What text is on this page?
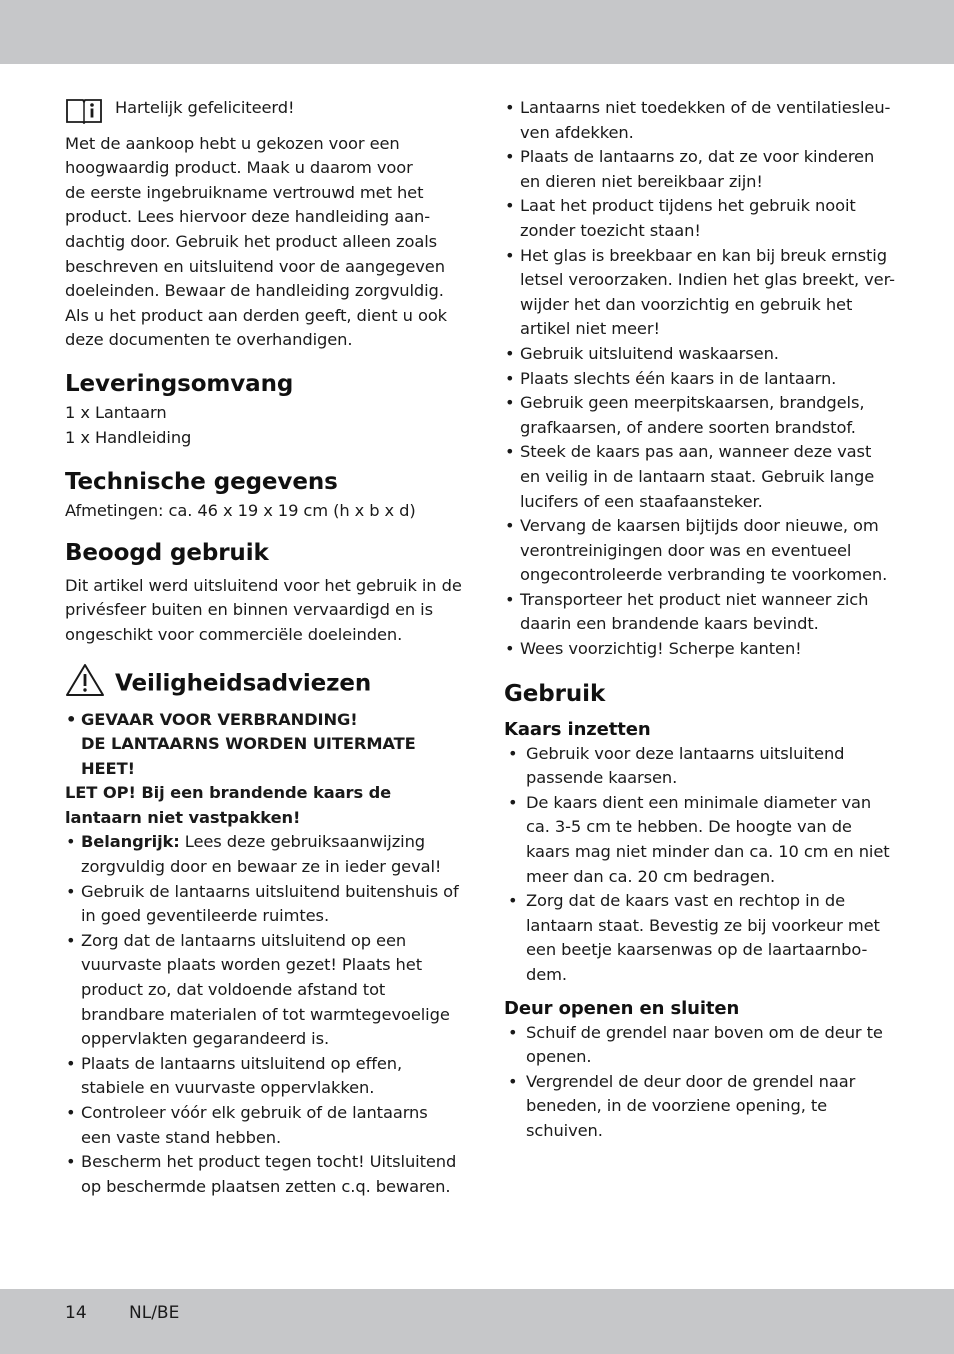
Hartelijk gefeliciteerd!

Met de aankoop hebt u gekozen voor een
hoogwaardig product. Maak u daarom voor
de eerste ingebruikname vertrouwd met het
product. Lees hiervoor deze handleiding aan-
dachtig door. Gebruik het product alleen zoals
beschreven en uitsluitend voor de aangegeven
doeleinden. Bewaar de handleiding zorgvuldig.
Als u het product aan derden geeft, dient u ook
deze documenten te overhandigen.
Leveringsomvang
1 x Lantaarn
1 x Handleiding
Technische gegevens

Afmetingen: ca. 46 x 19 x 19 cm (h x b x d)

Beoogd gebruik
Dit artikel werd uitsluitend voor het gebruik in de
privésfeer buiten en binnen vervaardigd en is
ongeschikt voor commerciële doeleinden.
Veiligheidsadviezen
• GEVAAR VOOR VERBRANDING!
DE LANTAARNS WORDEN UITERMATE
HEET!
LET OP! Bij een brandende kaars de
lantaarn niet vastpakken!
• Belangrijk: Lees deze gebruiksaanwijzing
zorgvuldig door en bewaar ze in ieder geval!
• Gebruik de lantaarns uitsluitend buitenshuis of
in goed geventileerde ruimtes.
• Zorg dat de lantaarns uitsluitend op een
vuurvaste plaats worden gezet! Plaats het
product zo, dat voldoende afstand tot
brandbare materialen of tot warmtegevoelige
oppervlakten gegarandeerd is.
• Plaats de lantaarns uitsluitend op effen,
stabiele en vuurvaste oppervlakken.
• Controleer vóór elk gebruik of de lantaarns
een vaste stand hebben.
• Bescherm het product tegen tocht! Uitsluitend
op beschermde plaatsen zetten c.q. bewaren.
• Lantaarns niet toedekken of de ventilatiesleu-
ven afdekken.
• Plaats de lantaarns zo, dat ze voor kinderen
en dieren niet bereikbaar zijn!
• Laat het product tijdens het gebruik nooit
zonder toezicht staan!
• Het glas is breekbaar en kan bij breuk ernstig
letsel veroorzaken. Indien het glas breekt, ver-
wijder het dan voorzichtig en gebruik het
artikel niet meer!
• Gebruik uitsluitend waskaarsen.
• Plaats slechts één kaars in de lantaarn.
• Gebruik geen meerpitskaarsen, brandgels,
grafkaarsen, of andere soorten brandstof.
• Steek de kaars pas aan, wanneer deze vast
en veilig in de lantaarn staat. Gebruik lange
lucifers of een staafaansteker.
• Vervang de kaarsen bijtijds door nieuwe, om
verontreinigingen door was en eventueel
ongecontroleerde verbranding te voorkomen.
• Transporteer het product niet wanneer zich
daarin een brandende kaars bevindt.
• Wees voorzichtig! Scherpe kanten!
Gebruik
Kaars inzetten
• Gebruik voor deze lantaarns uitsluitend
passende kaarsen.
• De kaars dient een minimale diameter van
ca. 3-5 cm te hebben. De hoogte van de
kaars mag niet minder dan ca. 10 cm en niet
meer dan ca. 20 cm bedragen.
• Zorg dat de kaars vast en rechtop in de
lantaarn staat. Bevestig ze bij voorkeur met
een beetje kaarsenwas op de laartaarnbo-
dem.
Deur openen en sluiten
• Schuif de grendel naar boven om de deur te
openen.
• Vergrendel de deur door de grendel naar
beneden, in de voorziene opening, te
schuiven.
14 NL/BE
